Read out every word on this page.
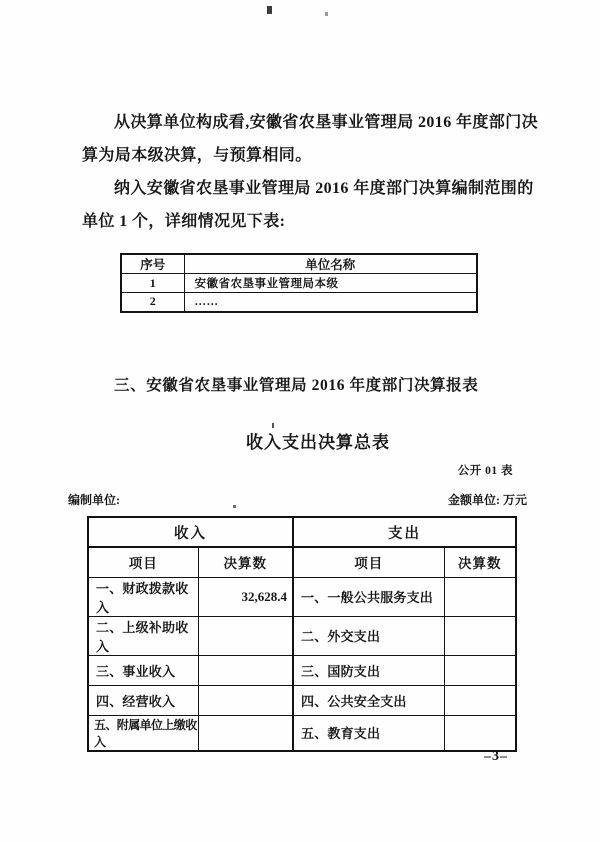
从决算单位构成看,安徽省农垦事业管理局 2016 年度部门决
算为局本级决算，与预算相同。
纳入安徽省农垦事业管理局 2016 年度部门决算编制范围的
单位 1 个，详细情况见下表:
序号	单位名称
1	安徽省农垦事业管理局本级
2	……
三、安徽省农垦事业管理局 2016 年度部门决算报表
收入支出决算总表
公开 01 表
编制单位:	金额单位: 万元
收入		支出	
项目	决算数	项目	决算数
一、财政拨款收入	32,628.4	一、一般公共服务支出	
二、上级补助收入		二、外交支出	
三、事业收入		三、国防支出	
四、经营收入		四、公共安全支出	
五、附属单位上缴收入		五、教育支出	
–3–
